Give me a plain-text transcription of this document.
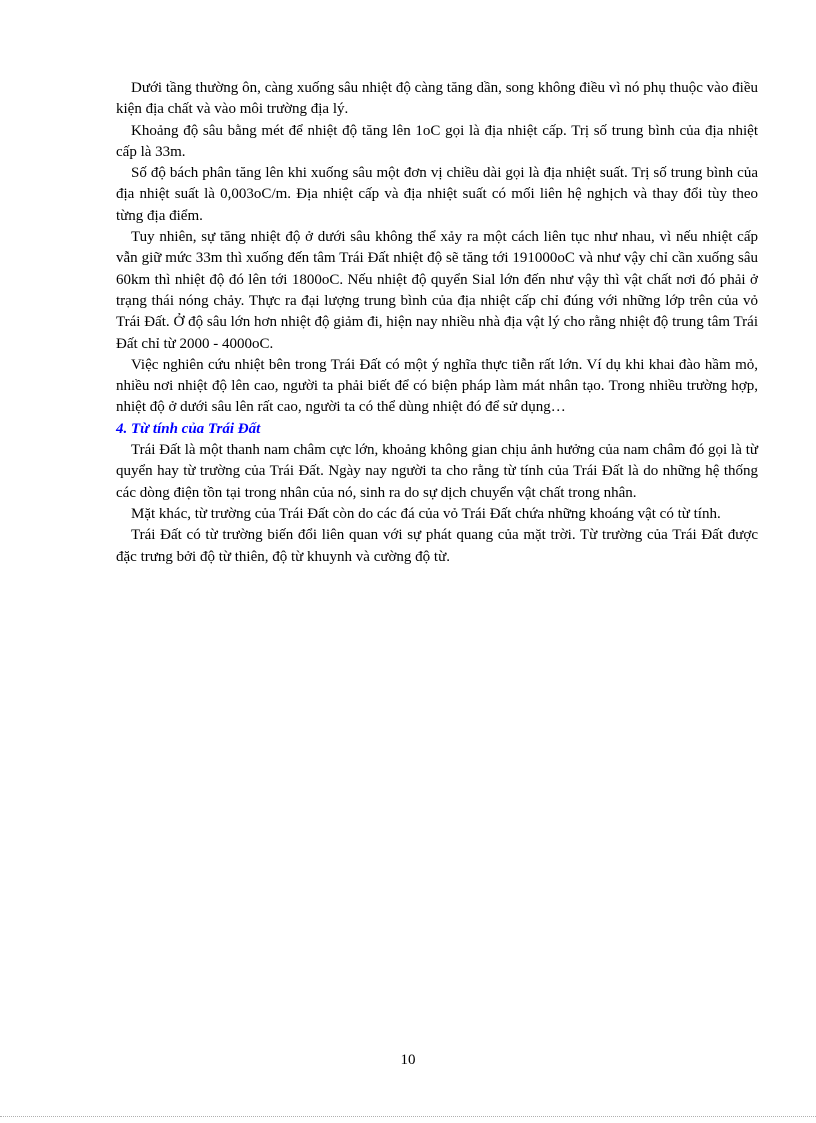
Dưới tầng thường ôn, càng xuống sâu nhiệt độ càng tăng dần, song không điều vì nó phụ thuộc vào điều kiện địa chất và vào môi trường địa lý.

Khoảng độ sâu bằng mét để nhiệt độ tăng lên 1oC gọi là địa nhiệt cấp. Trị số trung bình của địa nhiệt cấp là 33m.

Số độ bách phân tăng lên khi xuống sâu một đơn vị chiều dài gọi là địa nhiệt suất. Trị số trung bình của địa nhiệt suất là 0,003oC/m. Địa nhiệt cấp và địa nhiệt suất có mối liên hệ nghịch và thay đổi tùy theo từng địa điểm.

Tuy nhiên, sự tăng nhiệt độ ở dưới sâu không thể xảy ra một cách liên tục như nhau, vì nếu nhiệt cấp vẫn giữ mức 33m thì xuống đến tâm Trái Đất nhiệt độ sẽ tăng tới 191000oC và như vậy chỉ cần xuống sâu 60km thì nhiệt độ đó lên tới 1800oC. Nếu nhiệt độ quyển Sial lớn đến như vậy thì vật chất nơi đó phải ở trạng thái nóng chảy. Thực ra đại lượng trung bình của địa nhiệt cấp chỉ đúng với những lớp trên của vỏ Trái Đất. Ở độ sâu lớn hơn nhiệt độ giảm đi, hiện nay nhiều nhà địa vật lý cho rằng nhiệt độ trung tâm Trái Đất chỉ từ 2000 - 4000oC.

Việc nghiên cứu nhiệt bên trong Trái Đất có một ý nghĩa thực tiễn rất lớn. Ví dụ khi khai đào hầm mỏ, nhiều nơi nhiệt độ lên cao, người ta phải biết để có biện pháp làm mát nhân tạo. Trong nhiều trường hợp, nhiệt độ ở dưới sâu lên rất cao, người ta có thể dùng nhiệt đó để sử dụng…

4. Từ tính của Trái Đất

Trái Đất là một thanh nam châm cực lớn, khoảng không gian chịu ảnh hưởng của nam châm đó gọi là từ quyển hay từ trường của Trái Đất. Ngày nay người ta cho rằng từ tính của Trái Đất là do những hệ thống các dòng điện tồn tại trong nhân của nó, sinh ra do sự dịch chuyển vật chất trong nhân.

Mặt khác, từ trường của Trái Đất còn do các đá của vỏ Trái Đất chứa những khoáng vật có từ tính.

Trái Đất có từ trường biến đổi liên quan với sự phát quang của mặt trời. Từ trường của Trái Đất được đặc trưng bởi độ từ thiên, độ từ khuynh và cường độ từ.

10
